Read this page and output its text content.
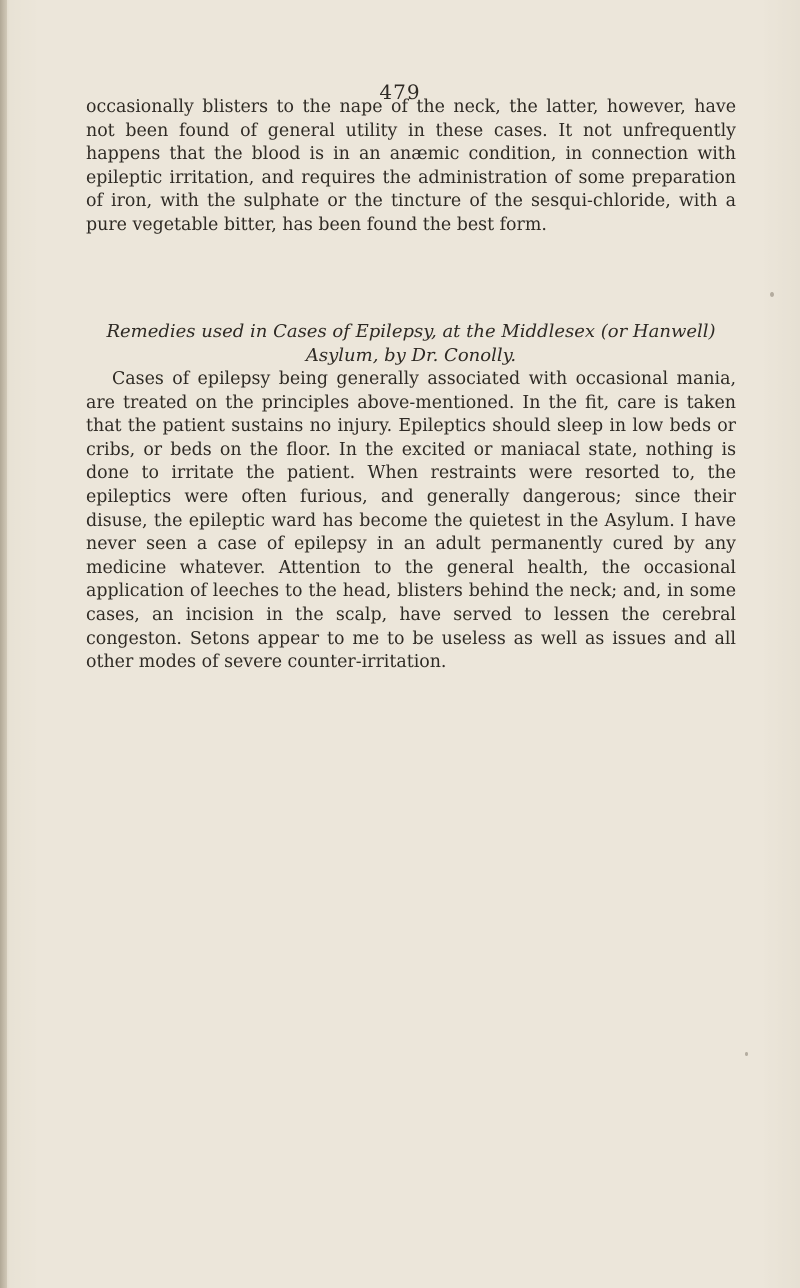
479

occasionally blisters to the nape of the neck, the latter, however, have not been found of general utility in these cases. It not unfrequently happens that the blood is in an anæmic condition, in connection with epileptic irritation, and requires the administration of some preparation of iron, with the sulphate or the tincture of the sesqui-chloride, with a pure vegetable bitter, has been found the best form.

Remedies used in Cases of Epilepsy, at the Middlesex (or Hanwell)
Asylum, by Dr. Conolly.

Cases of epilepsy being generally associated with occasional mania, are treated on the principles above-mentioned. In the fit, care is taken that the patient sustains no injury. Epileptics should sleep in low beds or cribs, or beds on the floor. In the excited or maniacal state, nothing is done to irritate the patient. When restraints were resorted to, the epileptics were often furious, and generally dangerous; since their disuse, the epileptic ward has become the quietest in the Asylum. I have never seen a case of epilepsy in an adult permanently cured by any medicine whatever. Attention to the general health, the occasional application of leeches to the head, blisters behind the neck; and, in some cases, an incision in the scalp, have served to lessen the cerebral congeston. Setons appear to me to be useless as well as issues and all other modes of severe counter-irritation.
